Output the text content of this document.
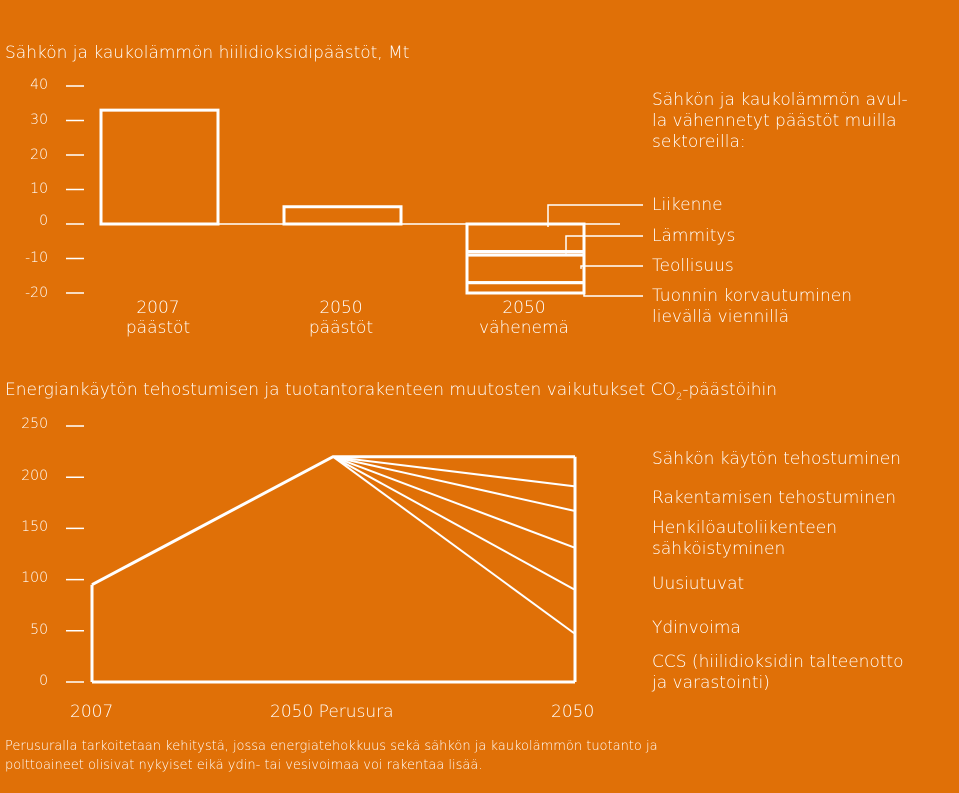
Sähkön ja kaukolämmön hiilidioksidipäästöt, Mt
40
30
20
10
0
-10
-20
2007
päästöt
2050
päästöt
2050
vähenemä
Sähkön ja kaukolämmön avul-
la vähennetyt päästöt muilla
sektoreilla:
Liikenne
Lämmitys
Teollisuus
Tuonnin korvautuminen
lievällä viennillä
Energiankäytön tehostumisen ja tuotantorakenteen muutosten vaikutukset $CO_2$-päästöihin
250
200
150
100
50
0
2007	2050 Perusura	2050
Sähkön käytön tehostuminen
Rakentamisen tehostuminen
Henkilöautoliikenteen
sähköistyminen
Uusiutuvat
Ydinvoima
CCS (hiilidioksidin talteenotto
ja varastointi)
Perusuralla tarkoitetaan kehitystä, jossa energiatehokkuus sekä sähkön ja kaukolämmön tuotanto ja polttoaineet olisivat nykyiset eikä ydin- tai vesivoimaa voi rakentaa lisää.
